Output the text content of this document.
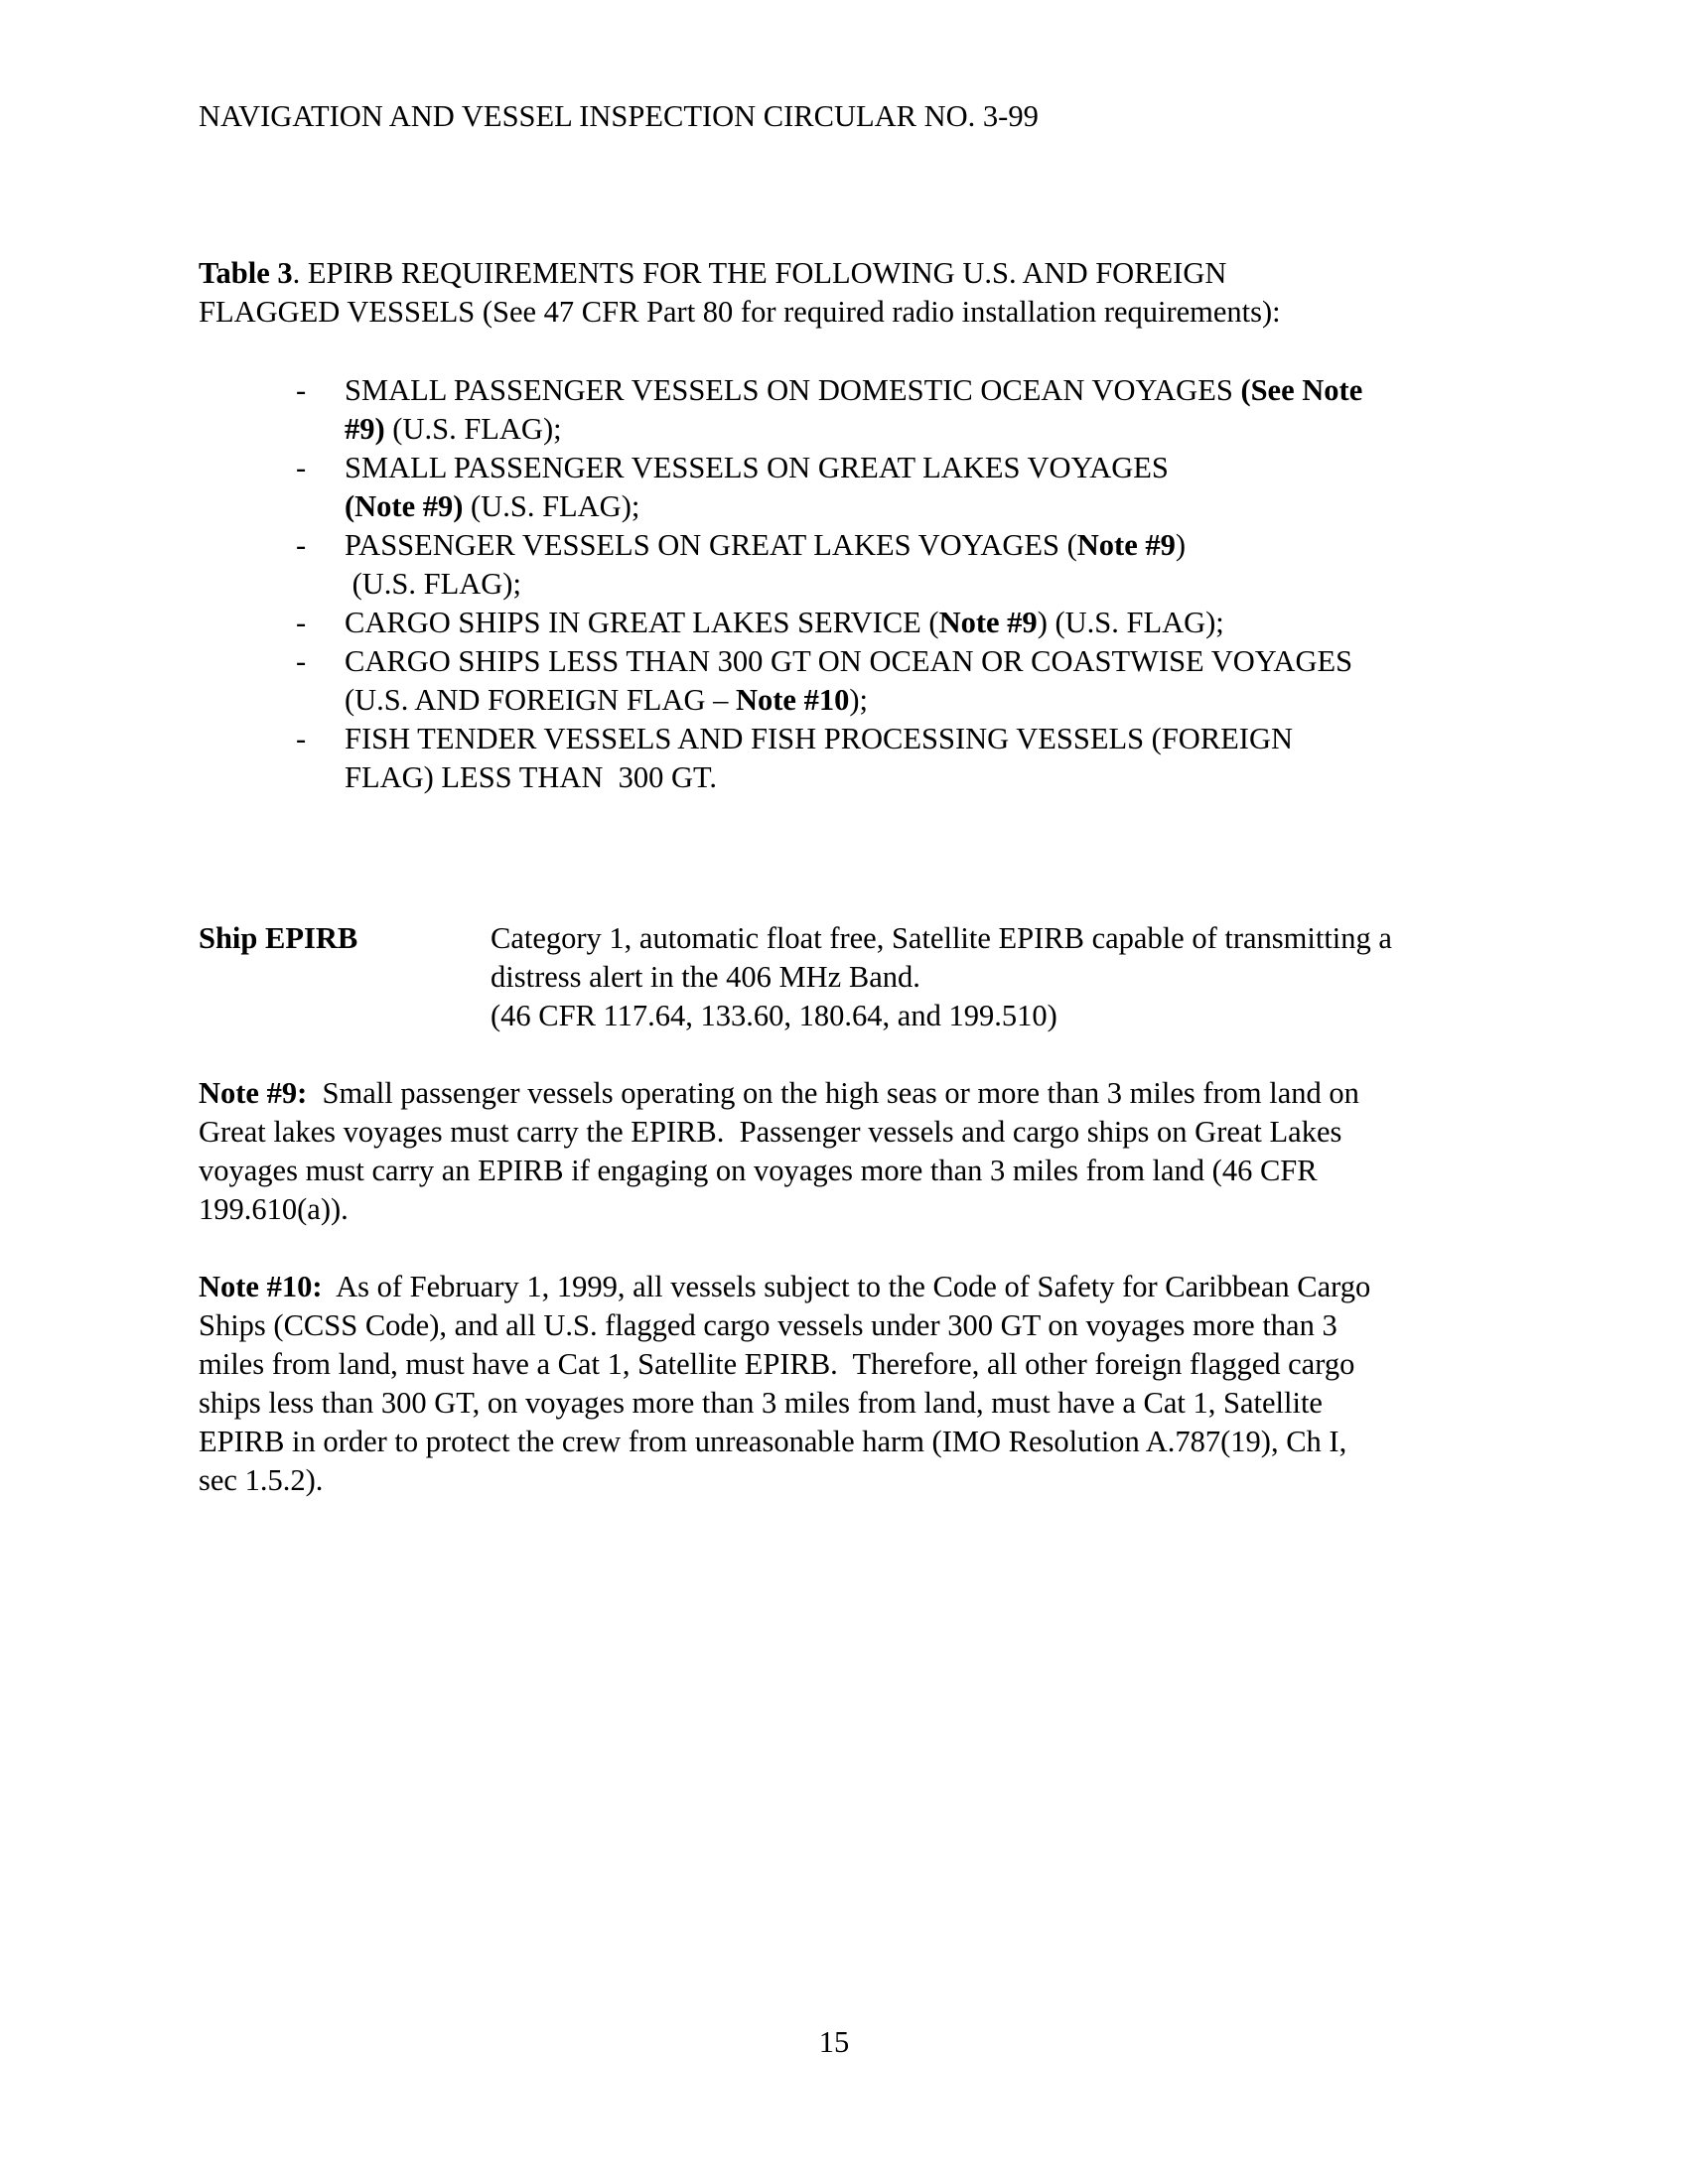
NAVIGATION AND VESSEL INSPECTION CIRCULAR NO. 3-99
Table 3. EPIRB REQUIREMENTS FOR THE FOLLOWING U.S. AND FOREIGN
FLAGGED VESSELS (See 47 CFR Part 80 for required radio installation requirements):
- SMALL PASSENGER VESSELS ON DOMESTIC OCEAN VOYAGES (See Note
#9) (U.S. FLAG);
- SMALL PASSENGER VESSELS ON GREAT LAKES VOYAGES
(Note #9) (U.S. FLAG);
- PASSENGER VESSELS ON GREAT LAKES VOYAGES (Note #9)
(U.S. FLAG);
- CARGO SHIPS IN GREAT LAKES SERVICE (Note #9) (U.S. FLAG);
- CARGO SHIPS LESS THAN 300 GT ON OCEAN OR COASTWISE VOYAGES
(U.S. AND FOREIGN FLAG – Note #10);
- FISH TENDER VESSELS AND FISH PROCESSING VESSELS (FOREIGN
FLAG) LESS THAN  300 GT.
Ship EPIRB	Category 1, automatic float free, Satellite EPIRB capable of transmitting a
distress alert in the 406 MHz Band.
(46 CFR 117.64, 133.60, 180.64, and 199.510)
Note #9:  Small passenger vessels operating on the high seas or more than 3 miles from land on
Great lakes voyages must carry the EPIRB.  Passenger vessels and cargo ships on Great Lakes
voyages must carry an EPIRB if engaging on voyages more than 3 miles from land (46 CFR
199.610(a)).
Note #10:  As of February 1, 1999, all vessels subject to the Code of Safety for Caribbean Cargo
Ships (CCSS Code), and all U.S. flagged cargo vessels under 300 GT on voyages more than 3
miles from land, must have a Cat 1, Satellite EPIRB.  Therefore, all other foreign flagged cargo
ships less than 300 GT, on voyages more than 3 miles from land, must have a Cat 1, Satellite
EPIRB in order to protect the crew from unreasonable harm (IMO Resolution A.787(19), Ch I,
sec 1.5.2).
15
